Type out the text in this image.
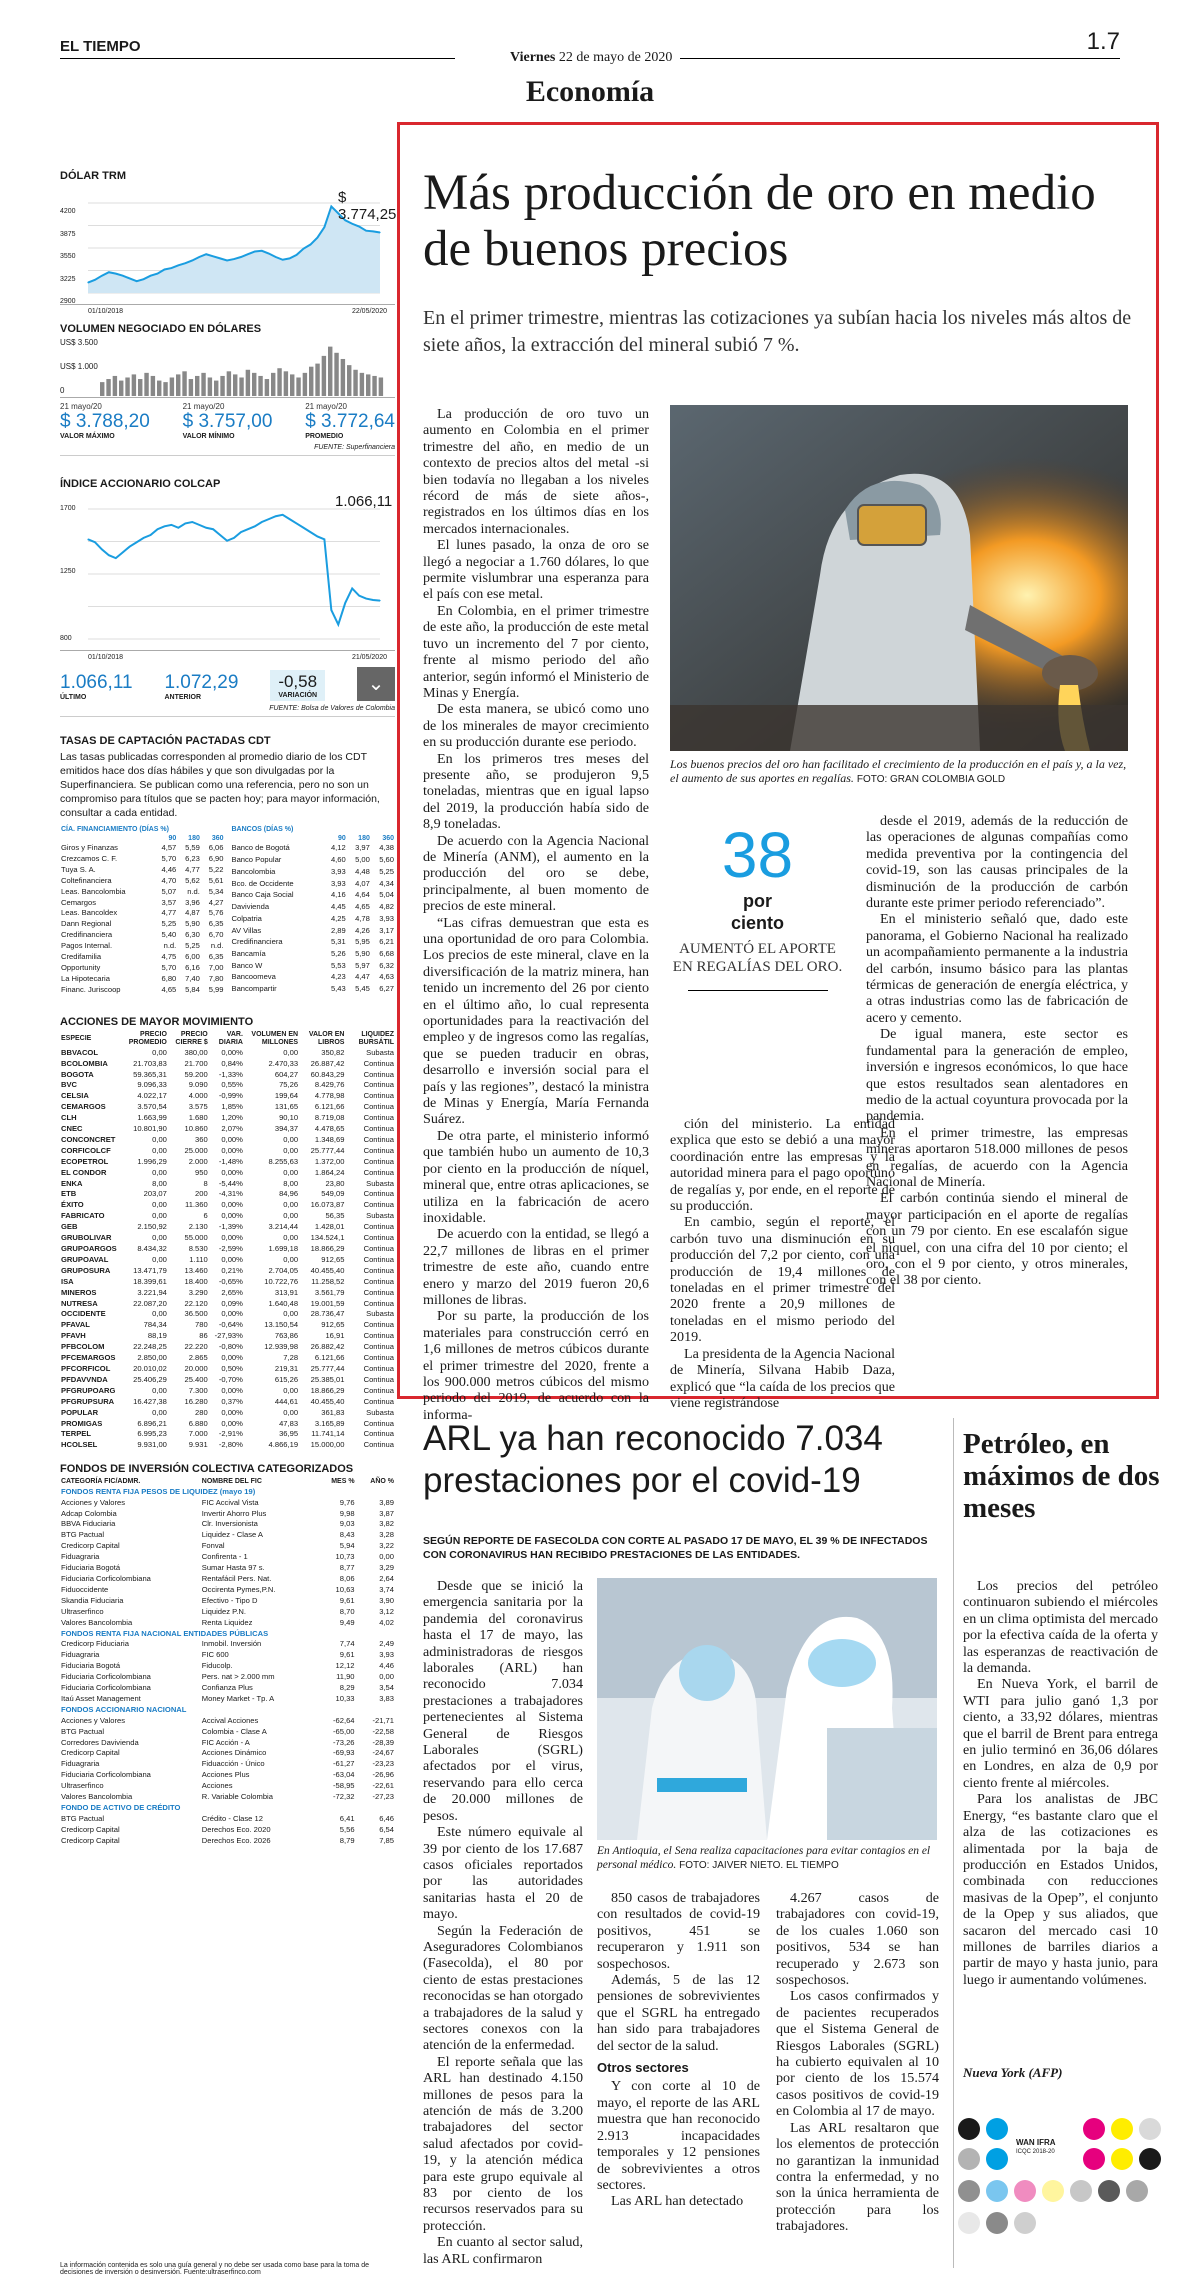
EL TIEMPO
Viernes 22 de mayo de 2020
1.7
Economía
DÓLAR TRM
4200
3875
3550
3225
2900
$ 3.774,25
01/10/2018	22/05/2020
VOLUMEN NEGOCIADO EN DÓLARES
US$ 3.500
US$ 1.000
0
21 mayo/20
$ 3.788,20
VALOR MÁXIMO
21 mayo/20
$ 3.757,00
VALOR MÍNIMO
21 mayo/20
$ 3.772,64
PROMEDIO
FUENTE: Superfinanciera
ÍNDICE ACCIONARIO COLCAP
1700
1250
800
1.066,11
01/10/2018	21/05/2020
1.066,11
ÚLTIMO
1.072,29
ANTERIOR
-0,58
VARIACIÓN
⌄
FUENTE: Bolsa de Valores de Colombia
TASAS DE CAPTACIÓN PACTADAS CDT
Las tasas publicadas corresponden al promedio diario de los CDT emitidos hace dos días hábiles y que son divulgadas por la Superfinanciera. Se publican como una referencia, pero no son un compromiso para títulos que se pacten hoy; para mayor información, consultar a cada entidad.
CÍA. FINANCIAMIENTO (DÍAS %)			
	90	180	360
Giros y Finanzas	4,57	5,59	6,06
Crezcamos C. F.	5,70	6,23	6,90
Tuya S. A.	4,46	4,77	5,22
Coltefinanciera	4,70	5,62	5,61
Leas. Bancolombia	5,07	n.d.	5,34
Cemargos	3,57	3,96	4,27
Leas. Bancoldex	4,77	4,87	5,76
Dann Regional	5,25	5,90	6,35
Credifinanciera	5,40	6,30	6,70
Pagos Internal.	n.d.	5,25	n.d.
Credifamilia	4,75	6,00	6,35
Opportunity	5,70	6,16	7,00
La Hipotecaria	6,80	7,40	7,80
Financ. Juriscoop	4,65	5,84	5,99
BANCOS (DÍAS %)			
	90	180	360
Banco de Bogotá	4,12	3,97	4,38
Banco Popular	4,60	5,00	5,60
Bancolombia	3,93	4,48	5,25
Bco. de Occidente	3,93	4,07	4,34
Banco Caja Social	4,16	4,64	5,04
Davivienda	4,45	4,65	4,82
Colpatria	4,25	4,78	3,93
AV Villas	2,89	4,26	3,17
Credifinanciera	5,31	5,95	6,21
Bancamía	5,26	5,90	6,68
Banco W	5,53	5,97	6,32
Bancoomeva	4,23	4,47	4,63
Bancompartir	5,43	5,45	6,27
ACCIONES DE MAYOR MOVIMIENTO
ESPECIE	PRECIO PROMEDIO	PRECIO CIERRE $	VAR. DIARIA	VOLUMEN EN MILLONES	VALOR EN LIBROS	LIQUIDEZ BURSÁTIL
BBVACOL	0,00	380,00	0,00%	0,00	350,82	Subasta
BCOLOMBIA	21.703,83	21.700	0,84%	2.470,33	26.887,42	Continua
BOGOTA	59.365,31	59.200	-1,33%	604,27	60.843,29	Continua
BVC	9.096,33	9.090	0,55%	75,26	8.429,76	Continua
CELSIA	4.022,17	4.000	-0,99%	199,64	4.778,98	Continua
CEMARGOS	3.570,54	3.575	1,85%	131,65	6.121,66	Continua
CLH	1.663,99	1.680	1,20%	90,10	8.719,08	Continua
CNEC	10.801,90	10.860	2,07%	394,37	4.478,65	Continua
CONCONCRET	0,00	360	0,00%	0,00	1.348,69	Continua
CORFICOLCF	0,00	25.000	0,00%	0,00	25.777,44	Continua
ECOPETROL	1.996,29	2.000	-1,48%	8.255,63	1.372,00	Continua
EL CONDOR	0,00	950	0,00%	0,00	1.864,24	Continua
ENKA	8,00	8	-5,44%	8,00	23,80	Subasta
ETB	203,07	200	-4,31%	84,96	549,09	Continua
ÉXITO	0,00	11.360	0,00%	0,00	16.073,87	Continua
FABRICATO	0,00	6	0,00%	0,00	56,35	Subasta
GEB	2.150,92	2.130	-1,39%	3.214,44	1.428,01	Continua
GRUBOLIVAR	0,00	55.000	0,00%	0,00	134.524,1	Continua
GRUPOARGOS	8.434,32	8.530	-2,59%	1.699,18	18.866,29	Continua
GRUPOAVAL	0,00	1.110	0,00%	0,00	912,65	Continua
GRUPOSURA	13.471,79	13.460	0,21%	2.704,05	40.455,40	Continua
ISA	18.399,61	18.400	-0,65%	10.722,76	11.258,52	Continua
MINEROS	3.221,94	3.290	2,65%	313,91	3.561,79	Continua
NUTRESA	22.087,20	22.120	0,09%	1.640,48	19.001,59	Continua
OCCIDENTE	0,00	36.500	0,00%	0,00	28.736,47	Subasta
PFAVAL	784,34	780	-0,64%	13.150,54	912,65	Continua
PFAVH	88,19	86	-27,93%	763,86	16,91	Continua
PFBCOLOM	22.248,25	22.220	-0,80%	12.939,98	26.882,42	Continua
PFCEMARGOS	2.850,00	2.865	0,00%	7,28	6.121,66	Continua
PFCORFICOL	20.010,02	20.000	0,50%	219,31	25.777,44	Continua
PFDAVVNDA	25.406,29	25.400	-0,70%	615,26	25.385,01	Continua
PFGRUPOARG	0,00	7.300	0,00%	0,00	18.866,29	Continua
PFGRUPSURA	16.427,38	16.280	0,37%	444,61	40.455,40	Continua
POPULAR	0,00	280	0,00%	0,00	361,83	Subasta
PROMIGAS	6.896,21	6.880	0,00%	47,83	3.165,89	Continua
TERPEL	6.995,23	7.000	-2,91%	36,95	11.741,14	Continua
HCOLSEL	9.931,00	9.931	-2,80%	4.866,19	15.000,00	Continua
FONDOS DE INVERSIÓN COLECTIVA CATEGORIZADOS
CATEGORÍA FIC/ADMR.	NOMBRE DEL FIC	MES %	AÑO %
FONDOS RENTA FIJA PESOS DE LIQUIDEZ (mayo 19)			
Acciones y Valores	FIC Accival Vista	9,76	3,89
Adcap Colombia	Invertir Ahorro Plus	9,98	3,87
BBVA Fiduciaria	Clr. Inversionista	9,03	3,82
BTG Pactual	Liquidez - Clase A	8,43	3,28
Credicorp Capital	Fonval	5,94	3,22
Fiduagraria	Confirenta - 1	10,73	0,00
Fiduciaria Bogotá	Sumar Hasta 97 s.	8,77	3,29
Fiduciaria Corficolombiana	Rentafácil Pers. Nat.	8,06	2,64
Fiduoccidente	Occirenta Pymes,P.N.	10,63	3,74
Skandia Fiduciaria	Efectivo - Tipo D	9,61	3,90
Ultraserfinco	Liquidez P.N.	8,70	3,12
Valores Bancolombia	Renta Liquidez	9,49	4,02
FONDOS RENTA FIJA NACIONAL ENTIDADES PÚBLICAS			
Credicorp Fiduciaria	Inmobil. Inversión	7,74	2,49
Fiduagraria	FIC 600	9,61	3,93
Fiduciaria Bogotá	Fiducolp.	12,12	4,46
Fiduciaria Corficolombiana	Pers. nat > 2.000 mm	11,90	0,00
Fiduciaria Corficolombiana	Confianza Plus	8,29	3,54
Itaú Asset Management	Money Market - Tp. A	10,33	3,83
FONDOS ACCIONARIO NACIONAL			
Acciones y Valores	Accival Acciones	-62,64	-21,71
BTG Pactual	Colombia - Clase A	-65,00	-22,58
Corredores Davivienda	FIC Acción - A	-73,26	-28,39
Credicorp Capital	Acciones Dinámico	-69,93	-24,67
Fiduagraria	Fiduacción - Único	-61,27	-23,23
Fiduciaria Corficolombiana	Acciones Plus	-63,04	-26,96
Ultraserfinco	Acciones	-58,95	-22,61
Valores Bancolombia	R. Variable Colombia	-72,32	-27,23
FONDO DE ACTIVO DE CRÉDITO			
BTG Pactual	Crédito - Clase 12	6,41	6,46
Credicorp Capital	Derechos Eco. 2020	5,56	6,54
Credicorp Capital	Derechos Eco. 2026	8,79	7,85
La información contenida es solo una guía general y no debe ser usada como base para la toma de decisiones de inversión o desinversión. Fuente:ultraserfinco.com
Más producción de oro en medio de buenos precios
En el primer trimestre, mientras las cotizaciones ya subían hacia los niveles más altos de siete años, la extracción del mineral subió 7 %.

La producción de oro tuvo un aumento en Colombia en el primer trimestre del año, en medio de un contexto de precios altos del metal -si bien todavía no llegaban a los niveles récord de más de siete años-, registrados en los últimos días en los mercados internacionales.

El lunes pasado, la onza de oro se llegó a negociar a 1.760 dólares, lo que permite vislumbrar una esperanza para el país con ese metal.

En Colombia, en el primer trimestre de este año, la producción de este metal tuvo un incremento del 7 por ciento, frente al mismo periodo del año anterior, según informó el Ministerio de Minas y Energía.

De esta manera, se ubicó como uno de los minerales de mayor crecimiento en su producción durante ese periodo.

En los primeros tres meses del presente año, se produjeron 9,5 toneladas, mientras que en igual lapso del 2019, la producción había sido de 8,9 toneladas.

De acuerdo con la Agencia Nacional de Minería (ANM), el aumento en la producción del oro se debe, principalmente, al buen momento de precios de este mineral.

“Las cifras demuestran que esta es una oportunidad de oro para Colombia. Los precios de este mineral, clave en la diversificación de la matriz minera, han tenido un incremento del 26 por ciento en el último año, lo cual representa oportunidades para la reactivación del empleo y de ingresos como las regalías, que se pueden traducir en obras, desarrollo e inversión social para el país y las regiones”, destacó la ministra de Minas y Energía, María Fernanda Suárez.

De otra parte, el ministerio informó que también hubo un aumento de 10,3 por ciento en la producción de níquel, mineral que, entre otras aplicaciones, se utiliza en la fabricación de acero inoxidable.

De acuerdo con la entidad, se llegó a 22,7 millones de libras en el primer trimestre de este año, cuando entre enero y marzo del 2019 fueron 20,6 millones de libras.

Por su parte, la producción de los materiales para construcción cerró en 1,6 millones de metros cúbicos durante el primer trimestre del 2020, frente a los 900.000 metros cúbicos del mismo periodo del 2019, de acuerdo con la informa-

Los buenos precios del oro han facilitado el crecimiento de la producción en el país y, a la vez, el aumento de sus aportes en regalías. FOTO: GRAN COLOMBIA GOLD
38
por
ciento
AUMENTÓ EL APORTE EN REGALÍAS DEL ORO.

desde el 2019, además de la reducción de las operaciones de algunas compañías como medida preventiva por la contingencia del covid-19, son las causas principales de la disminución de la producción de carbón durante este primer periodo referenciado”.

En el ministerio señaló que, dado este panorama, el Gobierno Nacional ha realizado un acompañamiento permanente a la industria del carbón, insumo básico para las plantas térmicas de generación de energía eléctrica, y a otras industrias como las de fabricación de acero y cemento.

De igual manera, este sector es fundamental para la generación de empleo, inversión e ingresos económicos, lo que hace que estos resultados sean alentadores en medio de la actual coyuntura provocada por la pandemia.

En el primer trimestre, las empresas mineras aportaron 518.000 millones de pesos en regalías, de acuerdo con la Agencia Nacional de Minería.

El carbón continúa siendo el mineral de mayor participación en el aporte de regalías con un 79 por ciento. En ese escalafón sigue el níquel, con una cifra del 10 por ciento; el oro, con el 9 por ciento, y otros minerales, con el 38 por ciento.

ción del ministerio. La entidad explica que esto se debió a una mayor coordinación entre las empresas y la autoridad minera para el pago oportuno de regalías y, por ende, en el reporte de su producción.

En cambio, según el reporte, el carbón tuvo una disminución en su producción del 7,2 por ciento, con una producción de 19,4 millones de toneladas en el primer trimestre del 2020 frente a 20,9 millones de toneladas en el mismo periodo del 2019.

La presidenta de la Agencia Nacional de Minería, Silvana Habib Daza, explicó que “la caída de los precios que viene registrándose

ARL ya han reconocido 7.034 prestaciones por el covid-19
SEGÚN REPORTE DE FASECOLDA CON CORTE AL PASADO 17 DE MAYO, EL 39 % DE INFECTADOS CON CORONAVIRUS HAN RECIBIDO PRESTACIONES DE LAS ENTIDADES.

Desde que se inició la emergencia sanitaria por la pandemia del coronavirus hasta el 17 de mayo, las administradoras de riesgos laborales (ARL) han reconocido 7.034 prestaciones a trabajadores pertenecientes al Sistema General de Riesgos Laborales (SGRL) afectados por el virus, reservando para ello cerca de 20.000 millones de pesos.

Este número equivale al 39 por ciento de los 17.687 casos oficiales reportados por las autoridades sanitarias hasta el 20 de mayo.

Según la Federación de Aseguradores Colombianos (Fasecolda), el 80 por ciento de estas prestaciones reconocidas se han otorgado a trabajadores de la salud y sectores conexos con la atención de la enfermedad.

El reporte señala que las ARL han destinado 4.150 millones de pesos para la atención de más de 3.200 trabajadores del sector salud afectados por covid-19, y la atención médica para este grupo equivale al 83 por ciento de los recursos reservados para su protección.

En cuanto al sector salud, las ARL confirmaron

En Antioquia, el Sena realiza capacitaciones para evitar contagios en el personal médico. FOTO: JAIVER NIETO. EL TIEMPO

850 casos de trabajadores con resultados de covid-19 positivos, 451 se recuperaron y 1.911 son sospechosos.

Además, 5 de las 12 pensiones de sobrevivientes que el SGRL ha entregado han sido para trabajadores del sector de la salud.

Otros sectores

Y con corte al 10 de mayo, el reporte de las ARL muestra que han reconocido 2.913 incapacidades temporales y 12 pensiones de sobrevivientes a otros sectores.

Las ARL han detectado

4.267 casos de trabajadores con covid-19, de los cuales 1.060 son positivos, 534 se han recuperado y 2.673 son sospechosos.

Los casos confirmados y de pacientes recuperados que el Sistema General de Riesgos Laborales (SGRL) ha cubierto equivalen al 10 por ciento de los 15.574 casos positivos de covid-19 en Colombia al 17 de mayo.

Las ARL resaltaron que los elementos de protección no garantizan la inmunidad contra la enfermedad, y no son la única herramienta de protección para los trabajadores.

Petróleo, en máximos de dos meses

Los precios del petróleo continuaron subiendo el miércoles en un clima optimista del mercado por la efectiva caída de la oferta y las esperanzas de reactivación de la demanda.

En Nueva York, el barril de WTI para julio ganó 1,3 por ciento, a 33,92 dólares, mientras que el barril de Brent para entrega en julio terminó en 36,06 dólares en Londres, en alza de 0,9 por ciento frente al miércoles.

Para los analistas de JBC Energy, “es bastante claro que el alza de las cotizaciones es alimentada por la baja de producción en Estados Unidos, combinada con reducciones masivas de la Opep”, el conjunto de la Opep y sus aliados, que sacaron del mercado casi 10 millones de barriles diarios a partir de mayo y hasta junio, para luego ir aumentando volúmenes.

Nueva York (AFP)
WAN IFRA
ICQC 2018-20
